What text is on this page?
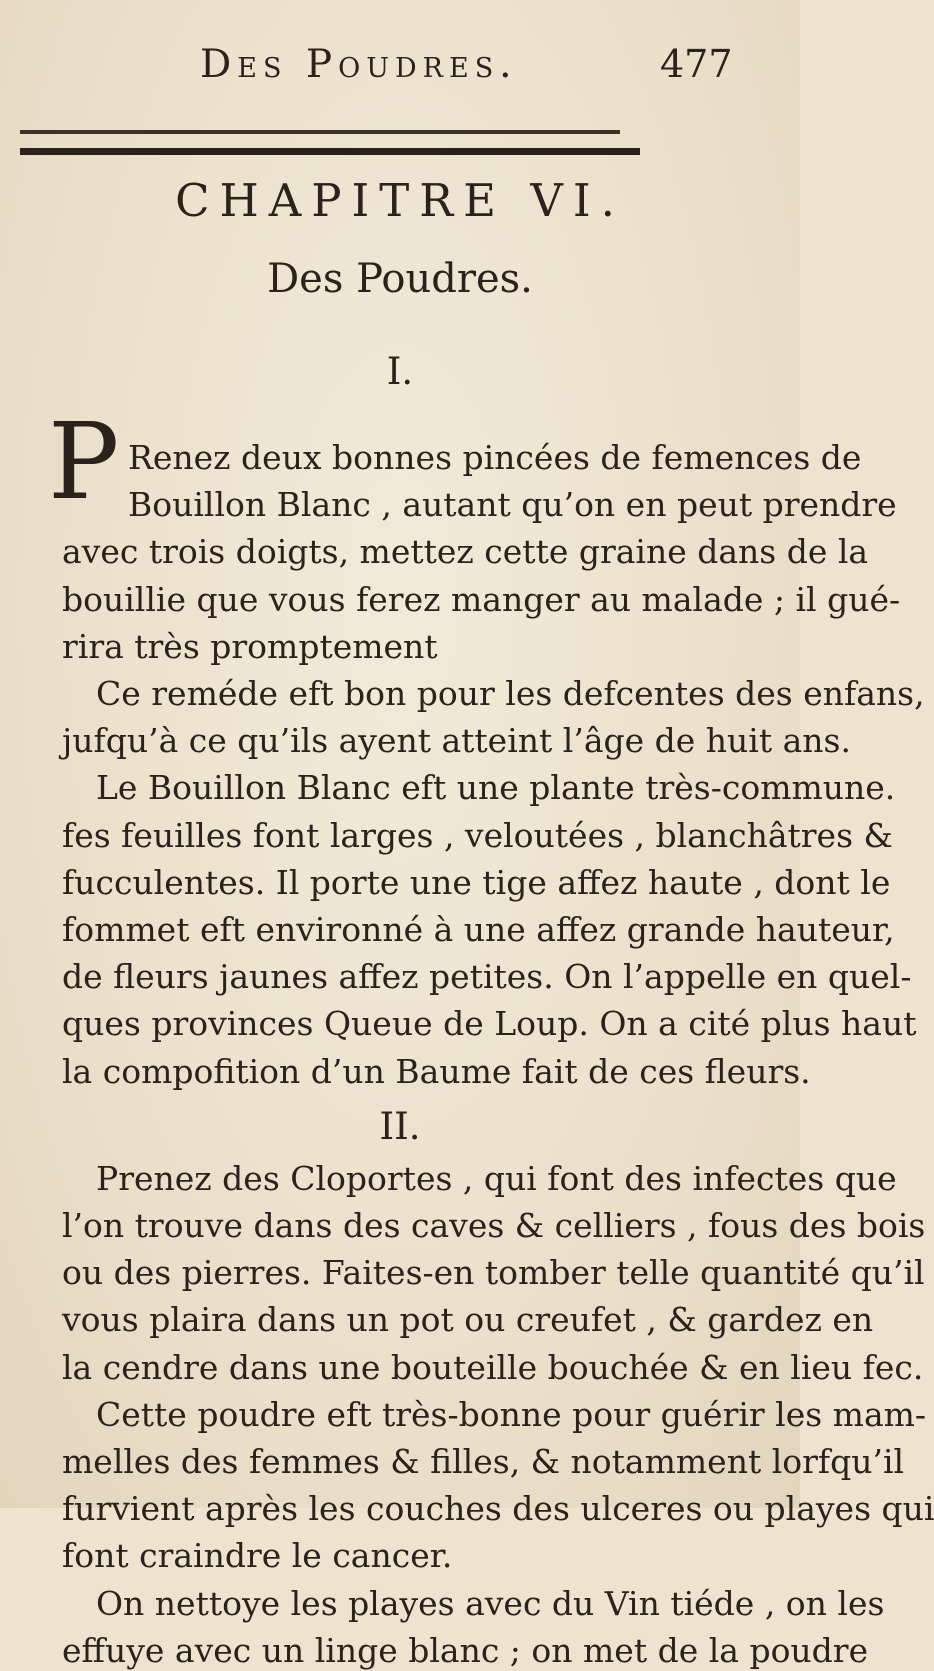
Des Poudres.	477
CHAPITRE VI.
Des Poudres.
I.
P Renez deux bonnes pincées de femences de
Bouillon Blanc , autant qu’on en peut prendre
avec trois doigts, mettez cette graine dans de la
bouillie que vous ferez manger au malade ; il gué-
rira très promptement
Ce reméde eft bon pour les defcentes des enfans,
jufqu’à ce qu’ils ayent atteint l’âge de huit ans.
Le Bouillon Blanc eft une plante très-commune.
fes feuilles font larges , veloutées , blanchâtres &
fucculentes. Il porte une tige affez haute , dont le
fommet eft environné à une affez grande hauteur,
de fleurs jaunes affez petites. On l’appelle en quel-
ques provinces Queue de Loup. On a cité plus haut
la compofition d’un Baume fait de ces fleurs.
II.
Prenez des Cloportes , qui font des infectes que
l’on trouve dans des caves & celliers , fous des bois
ou des pierres. Faites-en tomber telle quantité qu’il
vous plaira dans un pot ou creufet , & gardez en
la cendre dans une bouteille bouchée & en lieu fec.
Cette poudre eft très-bonne pour guérir les mam-
melles des femmes & filles, & notamment lorfqu’il
furvient après les couches des ulceres ou playes qui
font craindre le cancer.
On nettoye les playes avec du Vin tiéde , on les
effuye avec un linge blanc ; on met de la poudre
